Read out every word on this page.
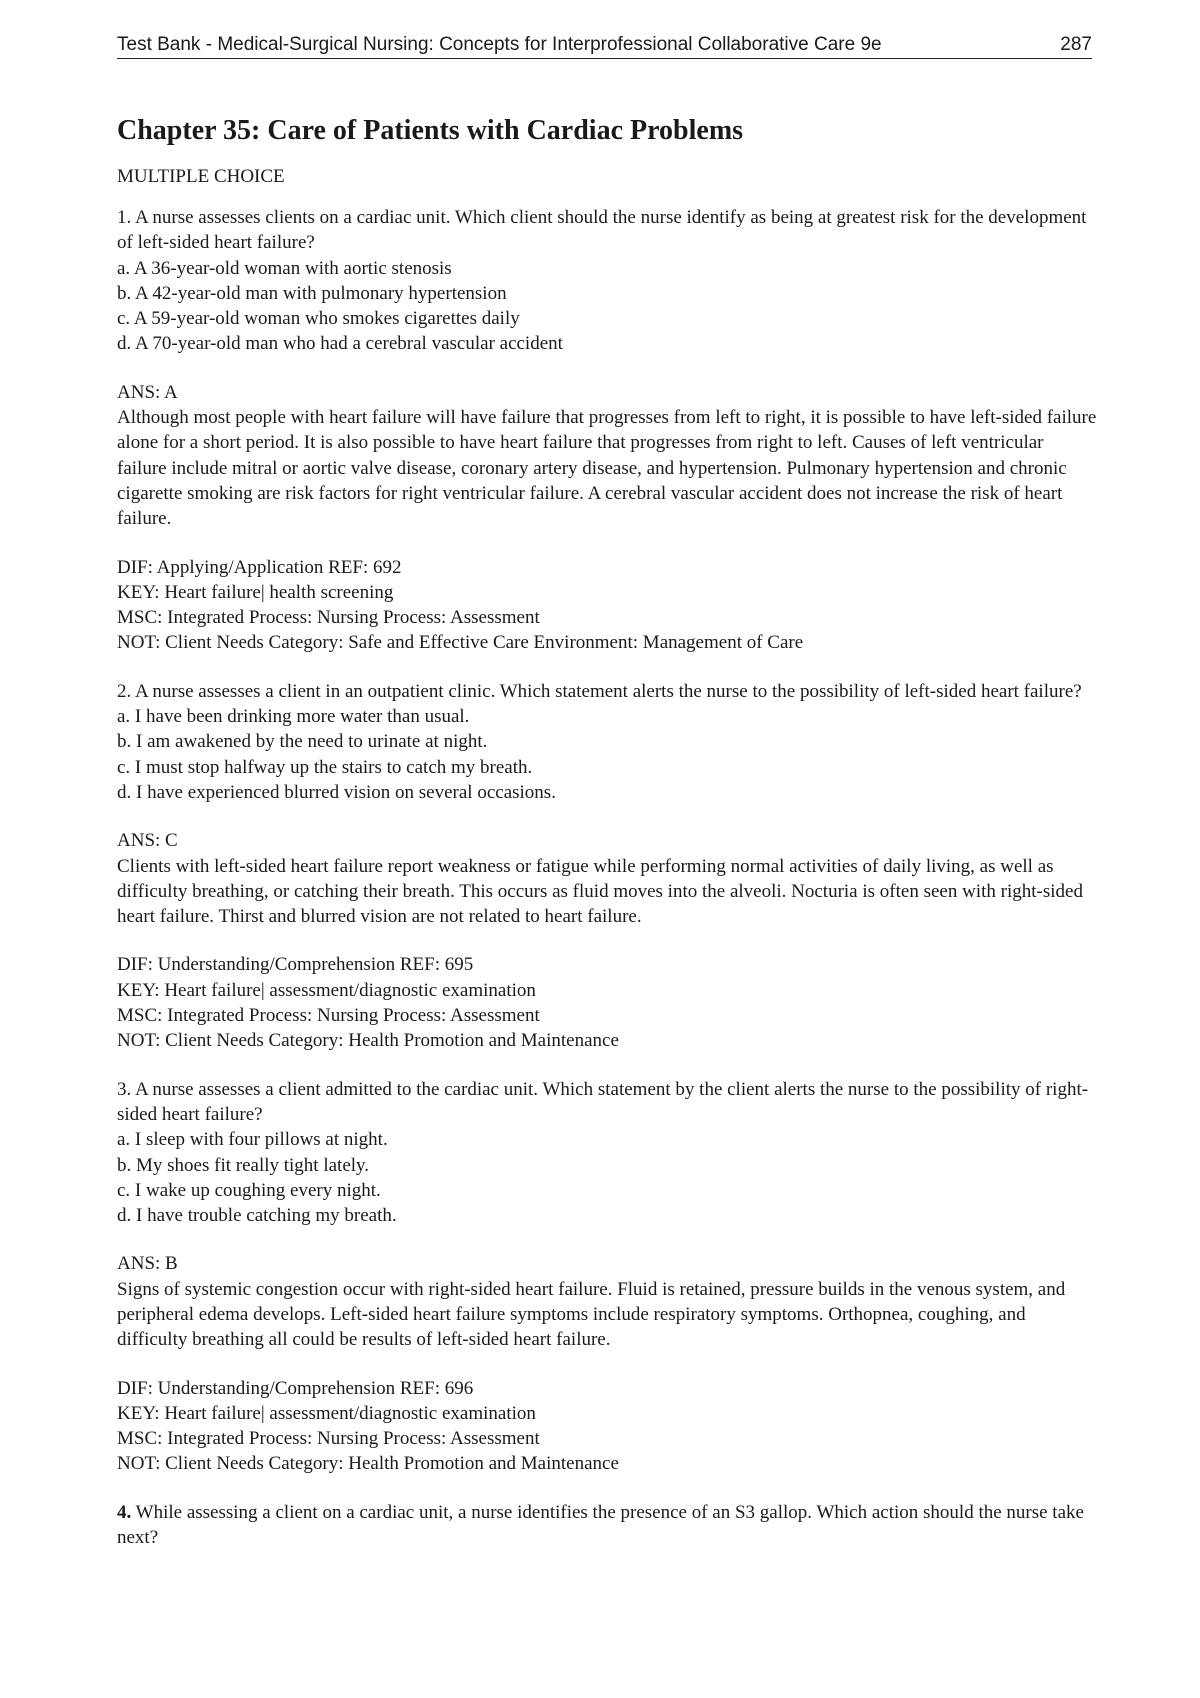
Test Bank - Medical-Surgical Nursing: Concepts for Interprofessional Collaborative Care 9e	287
Chapter 35: Care of Patients with Cardiac Problems
MULTIPLE CHOICE
1. A nurse assesses clients on a cardiac unit. Which client should the nurse identify as being at greatest risk for the development of left-sided heart failure?
a. A 36-year-old woman with aortic stenosis
b. A 42-year-old man with pulmonary hypertension
c. A 59-year-old woman who smokes cigarettes daily
d. A 70-year-old man who had a cerebral vascular accident
ANS: A
Although most people with heart failure will have failure that progresses from left to right, it is possible to have left-sided failure alone for a short period. It is also possible to have heart failure that progresses from right to left. Causes of left ventricular failure include mitral or aortic valve disease, coronary artery disease, and hypertension. Pulmonary hypertension and chronic cigarette smoking are risk factors for right ventricular failure. A cerebral vascular accident does not increase the risk of heart failure.
DIF: Applying/Application REF: 692
KEY: Heart failure| health screening
MSC: Integrated Process: Nursing Process: Assessment
NOT: Client Needs Category: Safe and Effective Care Environment: Management of Care
2. A nurse assesses a client in an outpatient clinic. Which statement alerts the nurse to the possibility of left-sided heart failure?
a. I have been drinking more water than usual.
b. I am awakened by the need to urinate at night.
c. I must stop halfway up the stairs to catch my breath.
d. I have experienced blurred vision on several occasions.
ANS: C
Clients with left-sided heart failure report weakness or fatigue while performing normal activities of daily living, as well as difficulty breathing, or catching their breath. This occurs as fluid moves into the alveoli. Nocturia is often seen with right-sided heart failure. Thirst and blurred vision are not related to heart failure.
DIF: Understanding/Comprehension REF: 695
KEY: Heart failure| assessment/diagnostic examination
MSC: Integrated Process: Nursing Process: Assessment
NOT: Client Needs Category: Health Promotion and Maintenance
3. A nurse assesses a client admitted to the cardiac unit. Which statement by the client alerts the nurse to the possibility of right-sided heart failure?
a. I sleep with four pillows at night.
b. My shoes fit really tight lately.
c. I wake up coughing every night.
d. I have trouble catching my breath.
ANS: B
Signs of systemic congestion occur with right-sided heart failure. Fluid is retained, pressure builds in the venous system, and peripheral edema develops. Left-sided heart failure symptoms include respiratory symptoms. Orthopnea, coughing, and difficulty breathing all could be results of left-sided heart failure.
DIF: Understanding/Comprehension REF: 696
KEY: Heart failure| assessment/diagnostic examination
MSC: Integrated Process: Nursing Process: Assessment
NOT: Client Needs Category: Health Promotion and Maintenance
4. While assessing a client on a cardiac unit, a nurse identifies the presence of an S3 gallop. Which action should the nurse take next?
